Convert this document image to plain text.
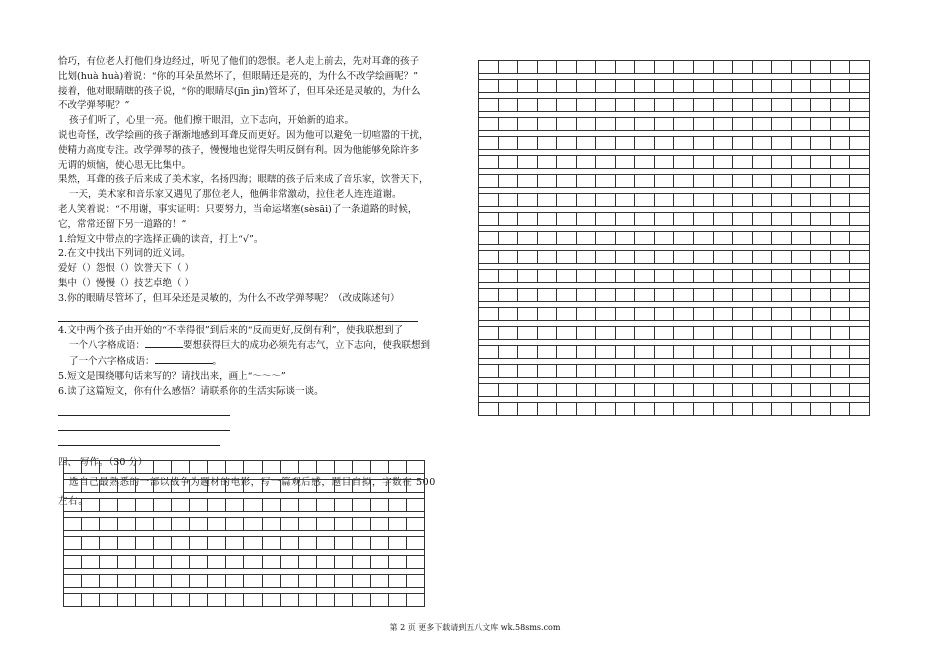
恰巧，有位老人打他们身边经过，听见了他们的怨恨。老人走上前去，先对耳聋的孩子

比划(huà huà)着说：“你的耳朵虽然坏了，但眼睛还是亮的，为什么不改学绘画呢？”

接着，他对眼睛瞎的孩子说，“你的眼睛尽(jīn jìn)管坏了，但耳朵还是灵敏的，为什么

不改学弹琴呢？”

孩子们听了，心里一亮。他们擦干眼泪，立下志向，开始新的追求。

说也奇怪，改学绘画的孩子渐渐地感到耳聋反而更好。因为他可以避免一切喧嚣的干扰，

使精力高度专注。改学弹琴的孩子，慢慢地也觉得失明反倒有利。因为他能够免除许多

无谓的烦恼，使心思无比集中。

果然，耳聋的孩子后来成了美术家，名扬四海；眼瞎的孩子后来成了音乐家，饮誉天下，

一天，美术家和音乐家又遇见了那位老人，他俩非常激动，拉住老人连连道谢。

老人笑着说：“不用谢，事实证明：只要努力，当命运堵塞(sèsāi)了一条道路的时候，

它，常常还留下另一道路的！”

1.给短文中带点的字选择正确的读音，打上“√”。

2.在文中找出下列词的近义词。

爱好（）怨恨（）饮誉天下（ ）

集中（）慢慢（）技艺卓绝（ ）

3.你的眼睛尽管坏了，但耳朵还是灵敏的，为什么不改学弹琴呢？（改成陈述句）

4.文中两个孩子由开始的“不幸得很”到后来的“反而更好,反倒有利”，使我联想到了

一个八字格成语：	要想获得巨大的成功必须先有志气，立下志向，使我联想到

了一个六字格成语：	。

5.短文是围绕哪句话来写的？请找出来，画上“～～～”

6.读了这篇短文，你有什么感悟？请联系你的生活实际谈一谈。

四、 写作。（30 分）

选自己最熟悉的一部以战争为题材的电影，写一篇观后感，题目自拟，字数在 500

左右。

第 2 页 更多下载请到五八文库 wk.58sms.com
